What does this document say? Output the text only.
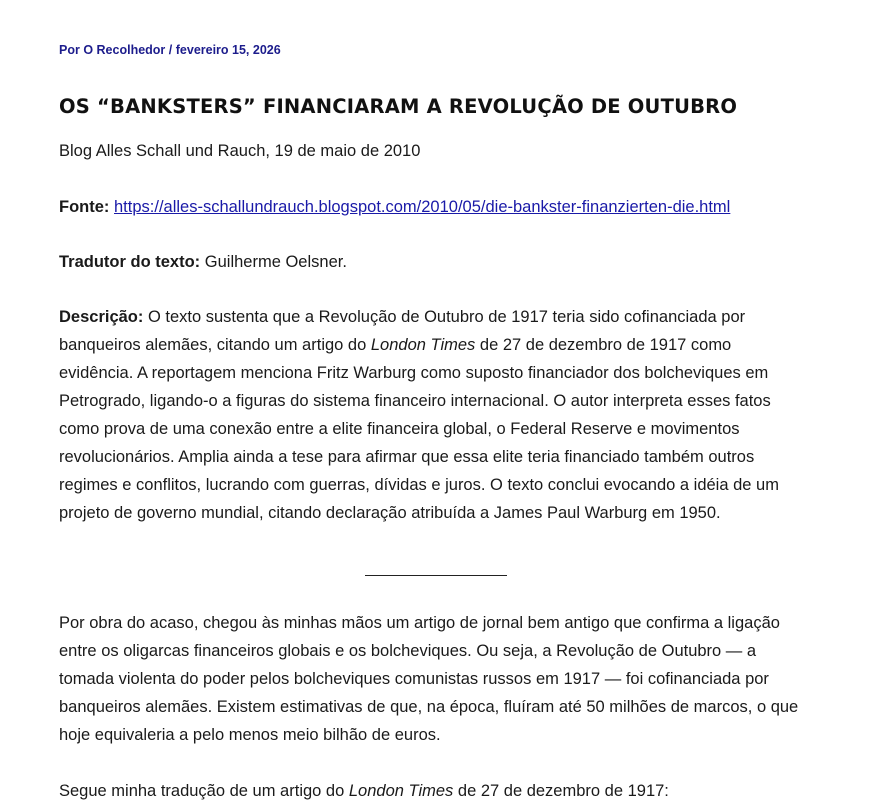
Por O Recolhedor / fevereiro 15, 2026
OS “BANKSTERS” FINANCIARAM A REVOLUÇÃO DE OUTUBRO

Blog Alles Schall und Rauch, 19 de maio de 2010

Fonte: https://alles-schallundrauch.blogspot.com/2010/05/die-bankster-finanzierten-die.html

Tradutor do texto: Guilherme Oelsner.

Descrição: O texto sustenta que a Revolução de Outubro de 1917 teria sido cofinanciada por banqueiros alemães, citando um artigo do London Times de 27 de dezembro de 1917 como evidência. A reportagem menciona Fritz Warburg como suposto financiador dos bolcheviques em Petrogrado, ligando-o a figuras do sistema financeiro internacional. O autor interpreta esses fatos como prova de uma conexão entre a elite financeira global, o Federal Reserve e movimentos revolucionários. Amplia ainda a tese para afirmar que essa elite teria financiado também outros regimes e conflitos, lucrando com guerras, dívidas e juros. O texto conclui evocando a idéia de um projeto de governo mundial, citando declaração atribuída a James Paul Warburg em 1950.

Por obra do acaso, chegou às minhas mãos um artigo de jornal bem antigo que confirma a ligação entre os oligarcas financeiros globais e os bolcheviques. Ou seja, a Revolução de Outubro — a tomada violenta do poder pelos bolcheviques comunistas russos em 1917 — foi cofinanciada por banqueiros alemães. Existem estimativas de que, na época, fluíram até 50 milhões de marcos, o que hoje equivaleria a pelo menos meio bilhão de euros.

Segue minha tradução de um artigo do London Times de 27 de dezembro de 1917:
